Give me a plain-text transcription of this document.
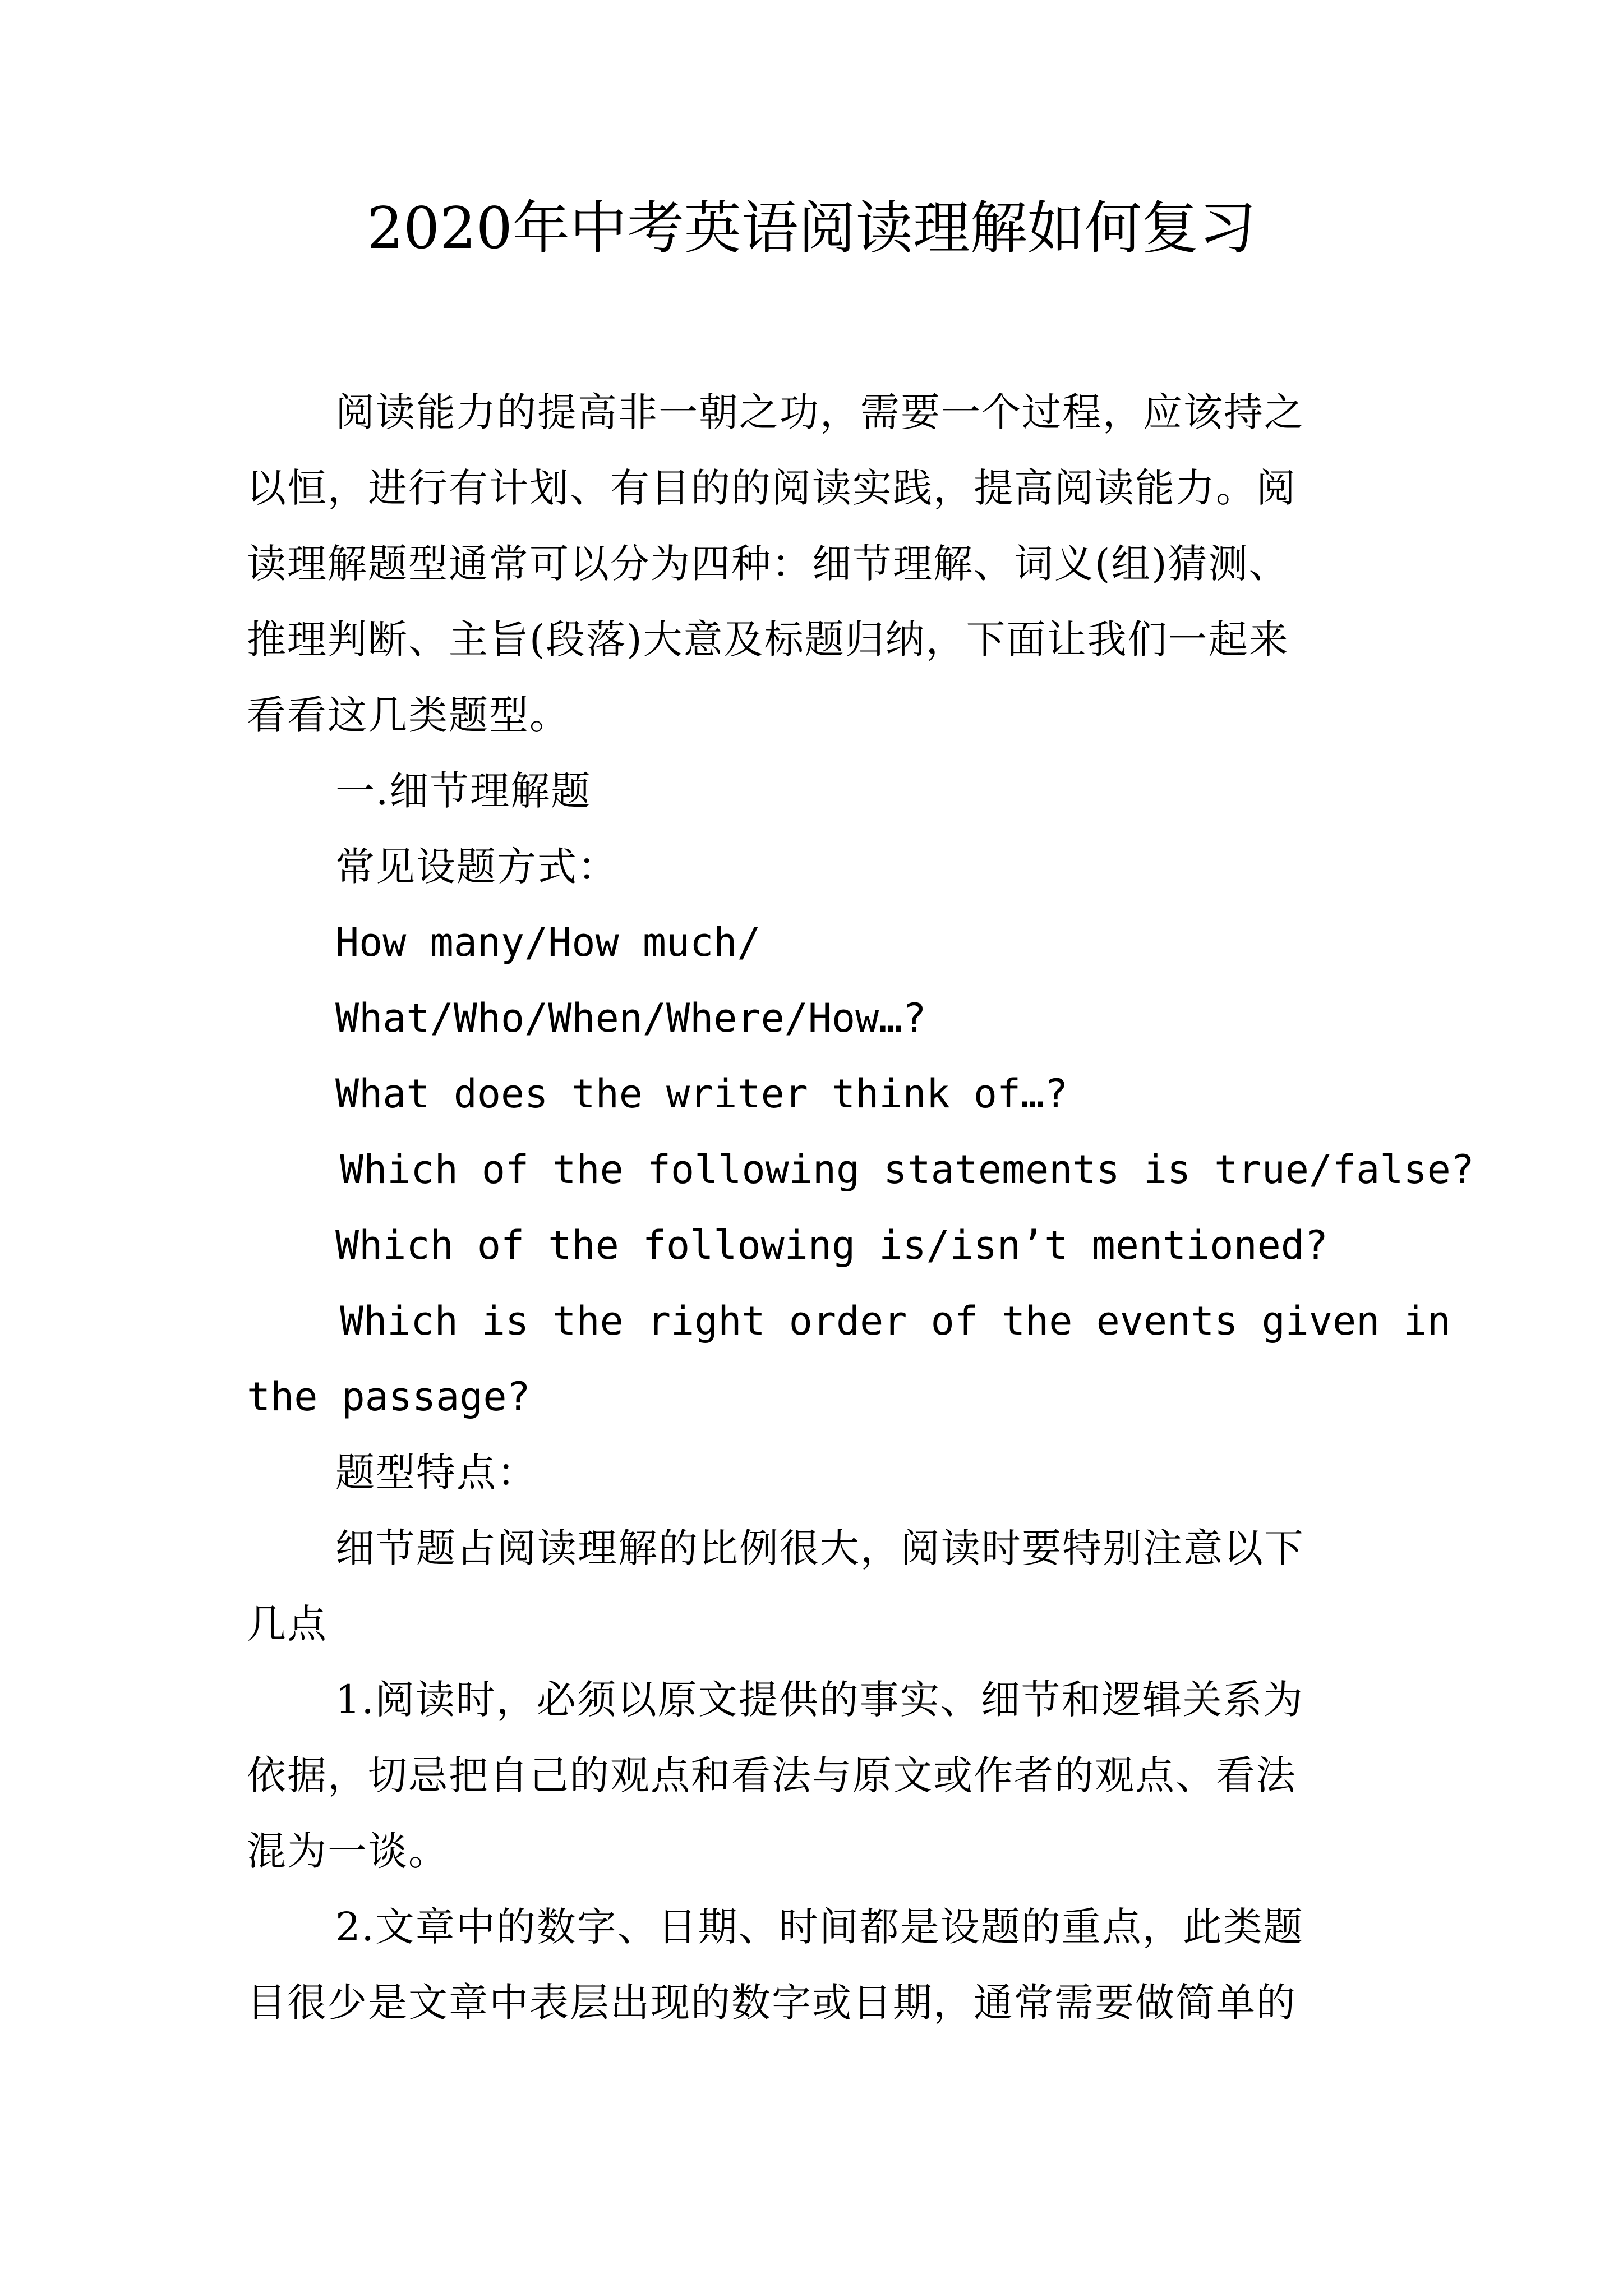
2020年中考英语阅读理解如何复习
阅读能力的提高非一朝之功，需要一个过程，应该持之
以恒，进行有计划、有目的的阅读实践，提高阅读能力。阅
读理解题型通常可以分为四种：细节理解、词义(组)猜测、
推理判断、主旨(段落)大意及标题归纳，下面让我们一起来
看看这几类题型。
一.细节理解题
常见设题方式：
How many/How much/
What/Who/When/Where/How…?
What does the writer think of…?
Which of the following statements is true/false?
Which of the following is/isn’t mentioned?
Which is the right order of the events given in
the passage?
题型特点：
细节题占阅读理解的比例很大，阅读时要特别注意以下
几点
1.阅读时，必须以原文提供的事实、细节和逻辑关系为
依据，切忌把自己的观点和看法与原文或作者的观点、看法
混为一谈。
2.文章中的数字、日期、时间都是设题的重点，此类题
目很少是文章中表层出现的数字或日期，通常需要做简单的
